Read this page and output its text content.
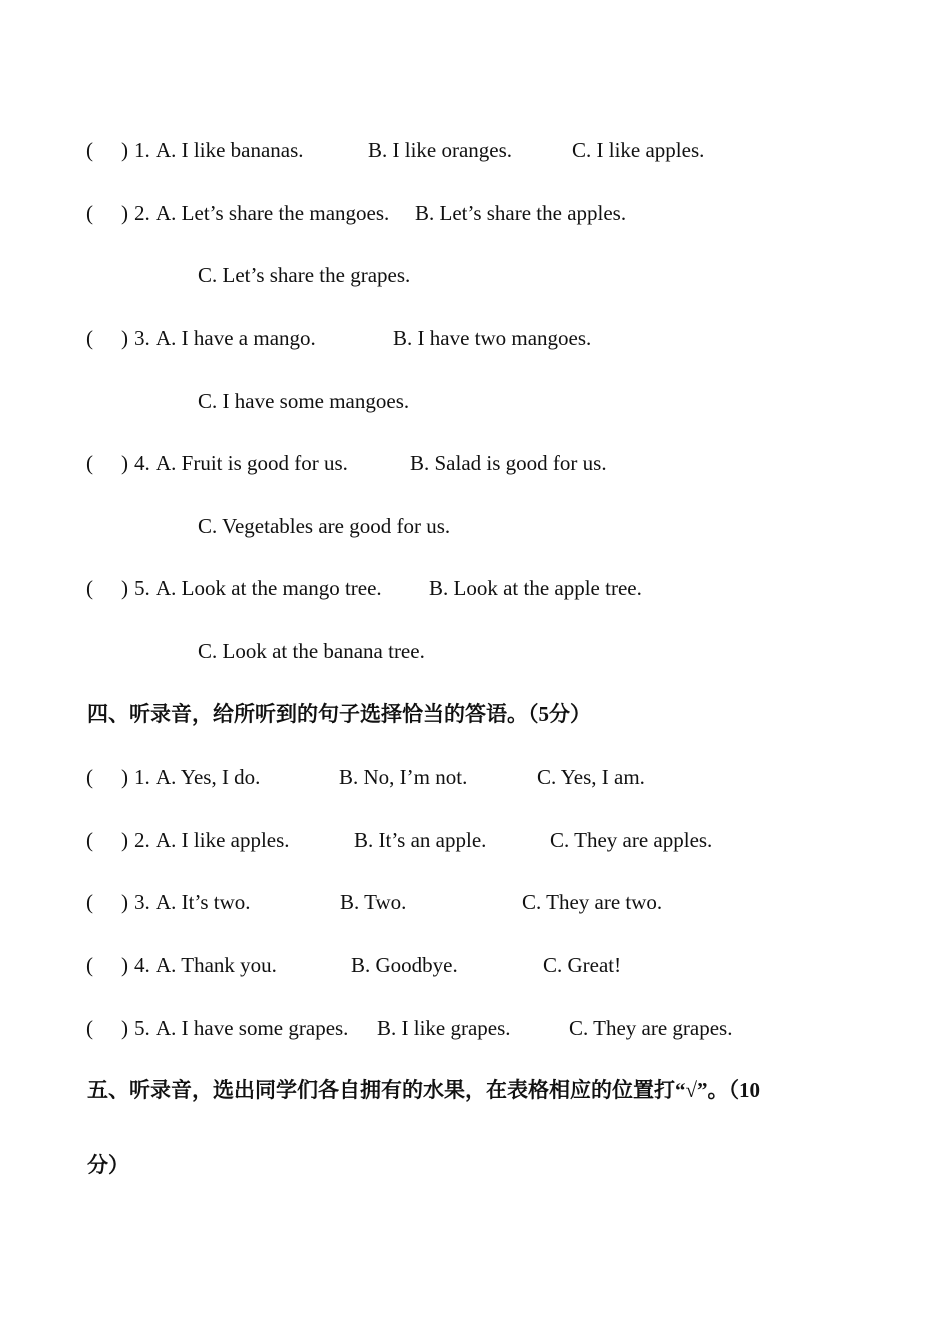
( ) 1. A. I like bananas.	B. I like oranges.	C. I like apples.
( ) 2. A. Let’s share the mangoes. B. Let’s share the apples.
C. Let’s share the grapes.
( ) 3. A. I have a mango.	B. I have two mangoes.
C. I have some mangoes.
( ) 4. A. Fruit is good for us.	B. Salad is good for us.
C. Vegetables are good for us.
( ) 5. A. Look at the mango tree. B. Look at the apple tree.
C. Look at the banana tree.
四、听录音，给所听到的句子选择恰当的答语。（5分）
( ) 1. A. Yes, I do.	B. No, I’m not.	C. Yes, I am.
( ) 2. A. I like apples.	B. It’s an apple.	C. They are apples.
( ) 3. A. It’s two.	B. Two.	C. They are two.
( ) 4. A. Thank you.	B. Goodbye.	C. Great!
( ) 5. A. I have some grapes. B. I like grapes.	C. They are grapes.
五、听录音，选出同学们各自拥有的水果，在表格相应的位置打“√”。（10
分）
